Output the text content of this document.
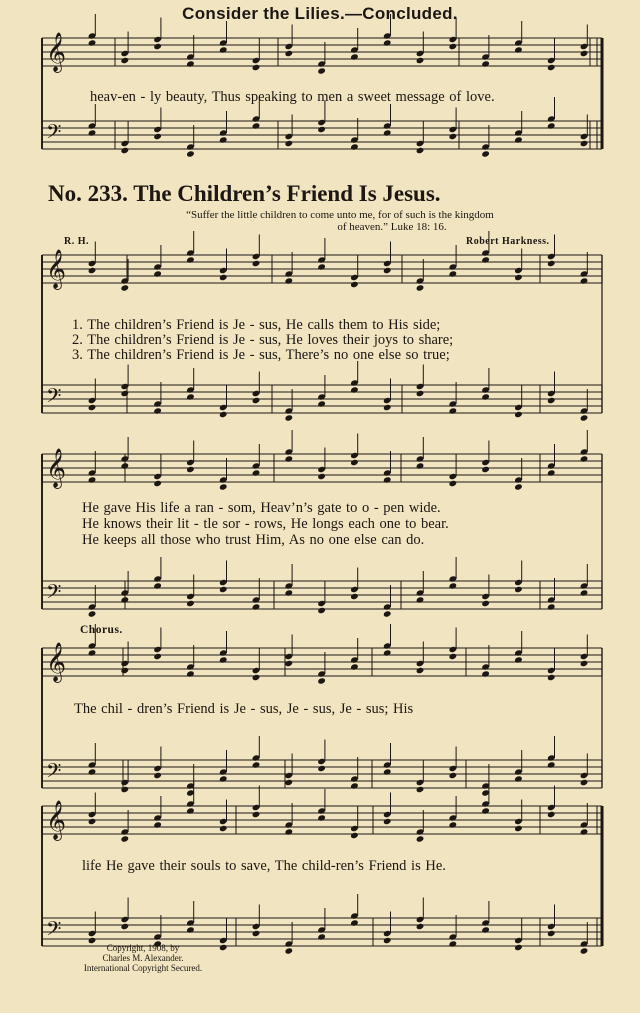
𝄞
𝄢
𝄞
𝄢
𝄞
𝄢
𝄞
𝄢
𝄞
𝄢
Consider the Lilies.—Concluded.
heav-en - ly beauty, Thus speaking to men a sweet message of love.
No. 233. The Children’s Friend Is Jesus.
“Suffer the little children to come unto me, for of such is the kingdom
of heaven.” Luke 18: 16.
R. H.	Robert Harkness.
1. The children’s Friend is Je - sus, He calls them to His side;
2. The children’s Friend is Je - sus, He loves their joys to share;
3. The children’s Friend is Je - sus, There’s no one else so true;
He gave His life a ran - som, Heav’n’s gate to o - pen wide.
He knows their lit - tle sor - rows, He longs each one to bear.
He keeps all those who trust Him, As no one else can do.
Chorus.
The chil - dren’s Friend is Je - sus, Je - sus, Je - sus; His
life He gave their souls to save, The child-ren’s Friend is He.
Copyright, 1908, by
Charles M. Alexander.
International Copyright Secured.
